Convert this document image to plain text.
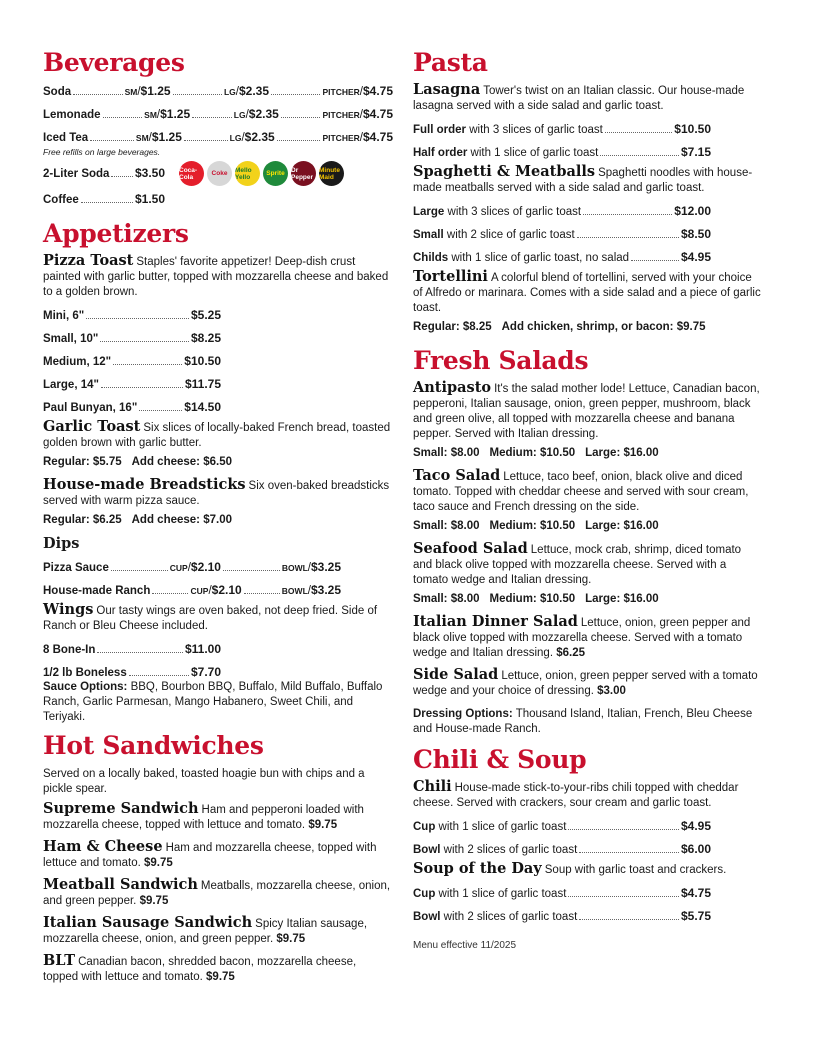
Beverages
Soda	SM / $1.25	LG / $2.35	PITCHER / $4.75
Lemonade	SM / $1.25	LG / $2.35	PITCHER / $4.75
Iced Tea	SM / $1.25	LG / $2.35	PITCHER / $4.75

Free refills on large beverages.

2-Liter Soda $3.50 Coca-Cola	Coke	Mello Yello	Sprite Dr Pepper
Minute Maid
Coffee	$1.50
Appetizers

Pizza Toast Staples' favorite appetizer! Deep-dish crust painted with garlic butter, topped with mozzarella cheese and baked to a golden brown.

Mini, 6"	$5.25
Small, 10"	$8.25
Medium, 12"	$10.50
Large, 14"	$11.75
Paul Bunyan, 16"	$14.50

Garlic Toast Six slices of locally-baked French bread, toasted golden brown with garlic butter.

Regular: $5.75 Add cheese: $6.50

House-made Breadsticks Six oven-baked breadsticks served with warm pizza sauce.

Regular: $6.25 Add cheese: $7.00
Dips
Pizza Sauce	CUP / $2.10	BOWL / $3.25
House-made Ranch	CUP / $2.10	BOWL / $3.25

Wings Our tasty wings are oven baked, not deep fried. Side of Ranch or Bleu Cheese included.

8 Bone-In	$11.00
1/2 lb Boneless	$7.70

Sauce Options: BBQ, Bourbon BBQ, Buffalo, Mild Buffalo, Buffalo Ranch, Garlic Parmesan, Mango Habanero, Sweet Chili, and Teriyaki.

Hot Sandwiches

Served on a locally baked, toasted hoagie bun with chips and a pickle spear.

Supreme Sandwich Ham and pepperoni loaded with mozzarella cheese, topped with lettuce and tomato. $9.75

Ham & Cheese Ham and mozzarella cheese, topped with lettuce and tomato. $9.75

Meatball Sandwich Meatballs, mozzarella cheese, onion, and green pepper. $9.75

Italian Sausage Sandwich Spicy Italian sausage, mozzarella cheese, onion, and green pepper. $9.75

BLT Canadian bacon, shredded bacon, mozzarella cheese, topped with lettuce and tomato. $9.75

Pasta

Lasagna Tower's twist on an Italian classic. Our house-made lasagna served with a side salad and garlic toast.

Full order with 3 slices of garlic toast	$10.50
Half order with 1 slice of garlic toast	$7.15

Spaghetti & Meatballs Spaghetti noodles with house-made meatballs served with a side salad and garlic toast.

Large with 3 slices of garlic toast	$12.00
Small with 2 slice of garlic toast	$8.50
Childs with 1 slice of garlic toast, no salad	$4.95

Tortellini A colorful blend of tortellini, served with your choice of Alfredo or marinara. Comes with a side salad and a piece of garlic toast.

Regular: $8.25 Add chicken, shrimp, or bacon: $9.75
Fresh Salads

Antipasto It's the salad mother lode! Lettuce, Canadian bacon, pepperoni, Italian sausage, onion, green pepper, mushroom, black and green olive, all topped with mozzarella cheese and banana pepper. Served with Italian dressing.

Small: $8.00 Medium: $10.50 Large: $16.00

Taco Salad Lettuce, taco beef, onion, black olive and diced tomato. Topped with cheddar cheese and served with sour cream, taco sauce and French dressing on the side.

Small: $8.00 Medium: $10.50 Large: $16.00

Seafood Salad Lettuce, mock crab, shrimp, diced tomato and black olive topped with mozzarella cheese. Served with a tomato wedge and Italian dressing.

Small: $8.00 Medium: $10.50 Large: $16.00

Italian Dinner Salad Lettuce, onion, green pepper and black olive topped with mozzarella cheese. Served with a tomato wedge and Italian dressing. $6.25

Side Salad Lettuce, onion, green pepper served with a tomato wedge and your choice of dressing. $3.00

Dressing Options: Thousand Island, Italian, French, Bleu Cheese and House-made Ranch.

Chili & Soup

Chili House-made stick-to-your-ribs chili topped with cheddar cheese. Served with crackers, sour cream and garlic toast.

Cup with 1 slice of garlic toast	$4.95
Bowl with 2 slices of garlic toast	$6.00

Soup of the Day Soup with garlic toast and crackers.

Cup with 1 slice of garlic toast	$4.75
Bowl with 2 slices of garlic toast	$5.75
Menu effective 11/2025
